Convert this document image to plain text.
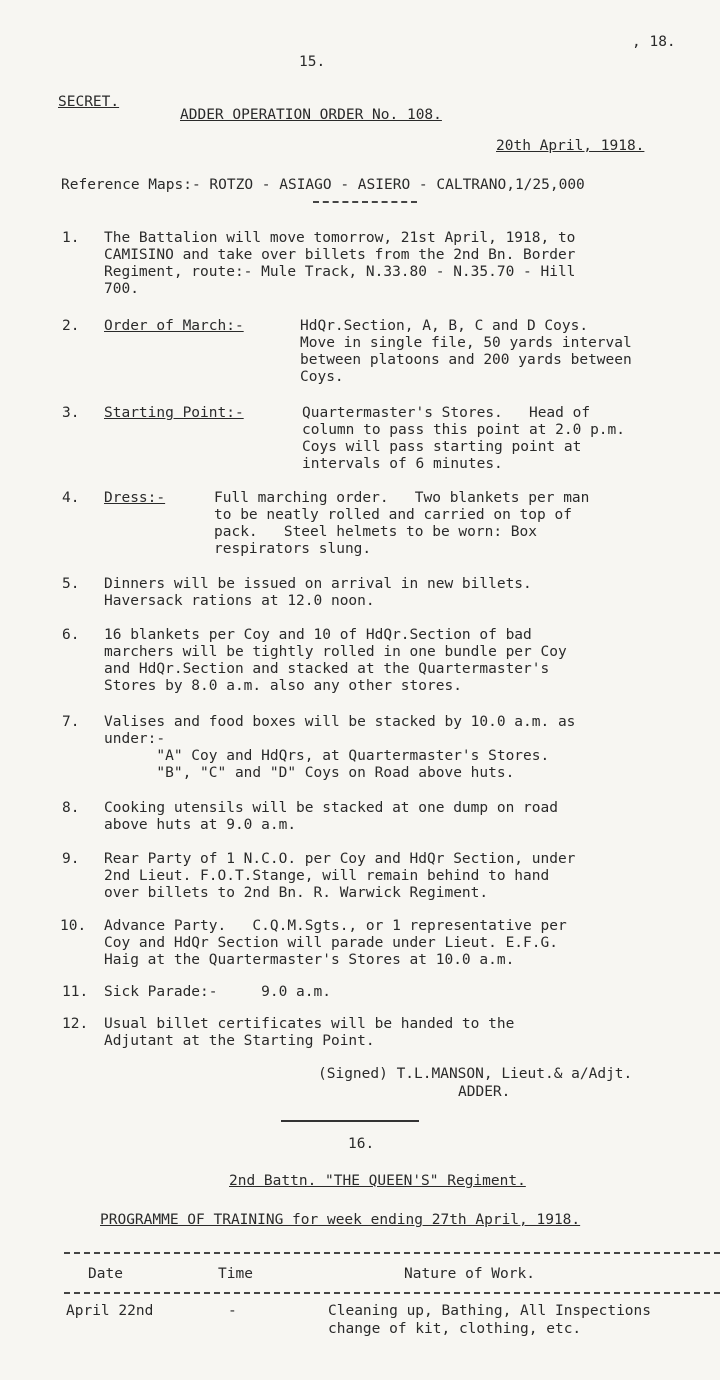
, 18.
15.
SECRET.
ADDER OPERATION ORDER No. 108.
20th April, 1918.
Reference Maps:- ROTZO - ASIAGO - ASIERO - CALTRANO,1/25,000
1. The Battalion will move tomorrow, 21st April, 1918, to
CAMISINO and take over billets from the 2nd Bn. Border
Regiment, route:- Mule Track, N.33.80 - N.35.70 - Hill
700.
2. Order of March:-	HdQr.Section, A, B, C and D Coys.
Move in single file, 50 yards interval
between platoons and 200 yards between
Coys.
3. Starting Point:-	Quartermaster's Stores.   Head of
column to pass this point at 2.0 p.m.
Coys will pass starting point at
intervals of 6 minutes.
4. Dress:-	Full marching order.   Two blankets per man
to be neatly rolled and carried on top of
pack.   Steel helmets to be worn: Box
respirators slung.
5. Dinners will be issued on arrival in new billets.
Haversack rations at 12.0 noon.
6. 16 blankets per Coy and 10 of HdQr.Section of bad
marchers will be tightly rolled in one bundle per Coy
and HdQr.Section and stacked at the Quartermaster's
Stores by 8.0 a.m. also any other stores.
7. Valises and food boxes will be stacked by 10.0 a.m. as
under:-
"A" Coy and HdQrs, at Quartermaster's Stores.
"B", "C" and "D" Coys on Road above huts.
8. Cooking utensils will be stacked at one dump on road
above huts at 9.0 a.m.
9. Rear Party of 1 N.C.O. per Coy and HdQr Section, under
2nd Lieut. F.O.T.Stange, will remain behind to hand
over billets to 2nd Bn. R. Warwick Regiment.
10. Advance Party.   C.Q.M.Sgts., or 1 representative per
Coy and HdQr Section will parade under Lieut. E.F.G.
Haig at the Quartermaster's Stores at 10.0 a.m.
11. Sick Parade:-     9.0 a.m.
12. Usual billet certificates will be handed to the
Adjutant at the Starting Point.
(Signed) T.L.MANSON, Lieut.& a/Adjt.
ADDER.
16.
2nd Battn. "THE QUEEN'S" Regiment.
PROGRAMME OF TRAINING for week ending 27th April, 1918.
Date	Time	Nature of Work.
April 22nd	-	Cleaning up, Bathing, All Inspections
change of kit, clothing, etc.
